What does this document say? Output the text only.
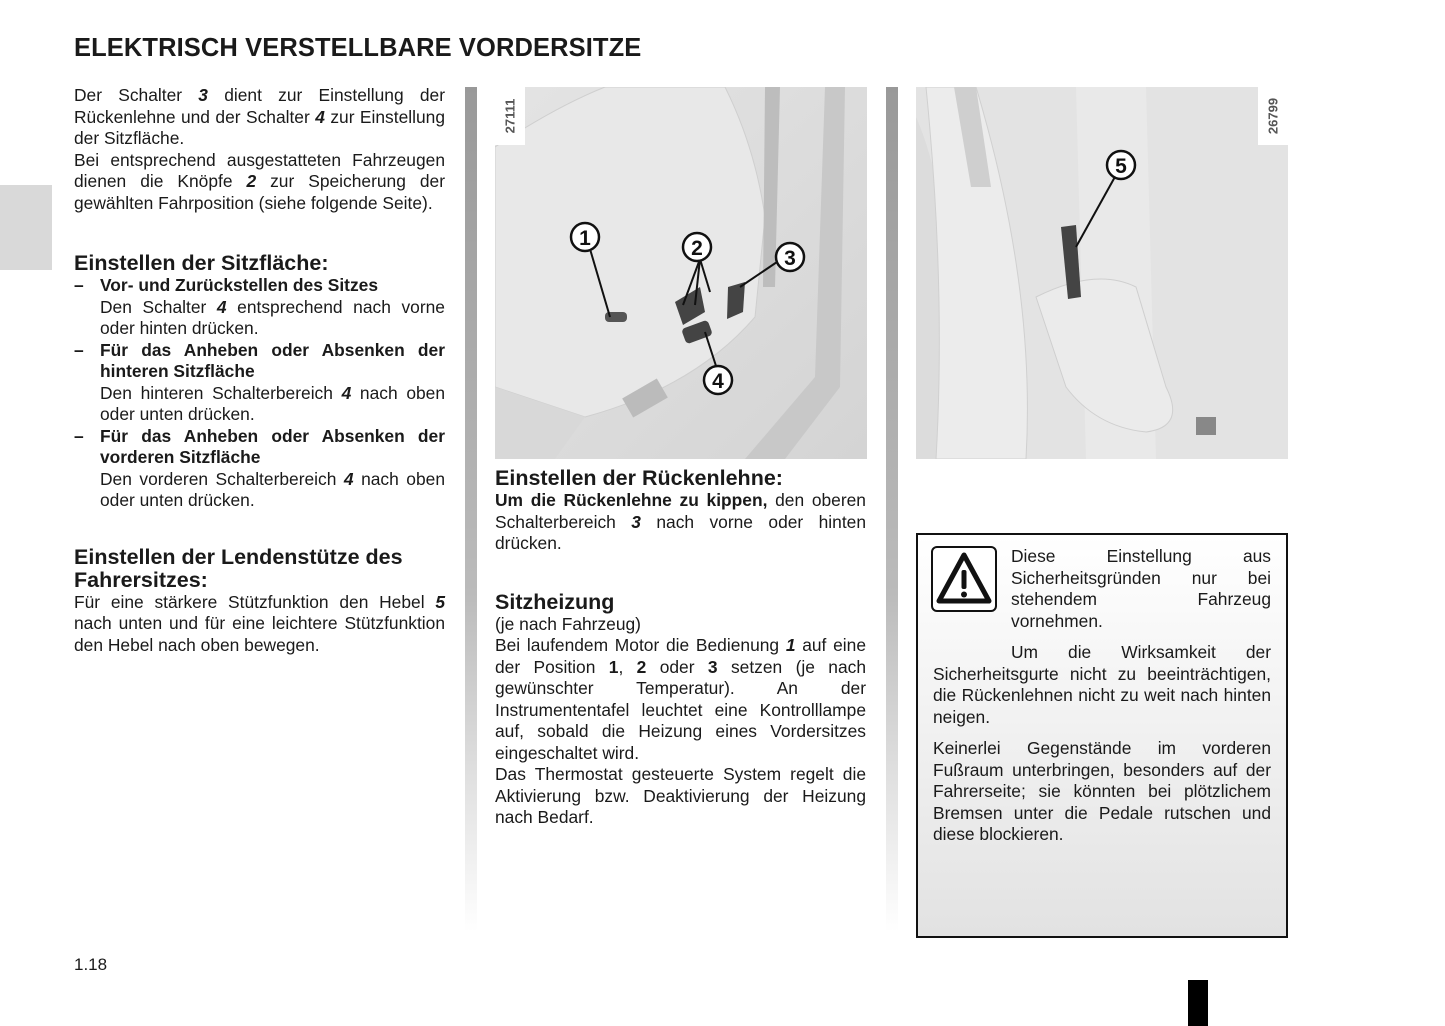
ELEKTRISCH VERSTELLBARE VORDERSITZE

Der Schalter 3 dient zur Einstellung der Rückenlehne und der Schalter 4 zur Einstellung der Sitzfläche.

Bei entsprechend ausgestatteten Fahrzeugen dienen die Knöpfe 2 zur Speicherung der gewählten Fahrposition (siehe folgende Seite).

Einstellen der Sitzfläche:
– Vor- und Zurückstellen des Sitzes
Den Schalter 4 entsprechend nach vorne oder hinten drücken.
– Für das Anheben oder Absenken der hinteren Sitzfläche
Den hinteren Schalterbereich 4 nach oben oder unten drücken.
– Für das Anheben oder Absenken der vorderen Sitzfläche
Den vorderen Schalterbereich 4 nach oben oder unten drücken.
Einstellen der Lendenstütze des Fahrersitzes:

Für eine stärkere Stützfunktion den Hebel 5 nach unten und für eine leichtere Stützfunktion den Hebel nach oben bewegen.

1	2	3
4
27111
5
26799
Einstellen der Rückenlehne:

Um die Rückenlehne zu kippen, den oberen Schalterbereich 3 nach vorne oder hinten drücken.

Sitzheizung

(je nach Fahrzeug)

Bei laufendem Motor die Bedienung 1 auf eine der Position 1, 2 oder 3 setzen (je nach gewünschter Temperatur). An der Instrumententafel leuchtet eine Kontrolllampe auf, sobald die Heizung eines Vordersitzes eingeschaltet wird.

Das Thermostat gesteuerte System regelt die Aktivierung bzw. Deaktivierung der Heizung nach Bedarf.

Diese Einstellung aus Sicherheitsgründen nur bei stehendem Fahrzeug vornehmen.

Um die Wirksamkeit der Sicherheitsgurte nicht zu beeinträchtigen, die Rückenlehnen nicht zu weit nach hinten neigen.

Keinerlei Gegenstände im vorderen Fußraum unterbringen, besonders auf der Fahrerseite; sie könnten bei plötzlichem Bremsen unter die Pedale rutschen und diese blockieren.

1.18
